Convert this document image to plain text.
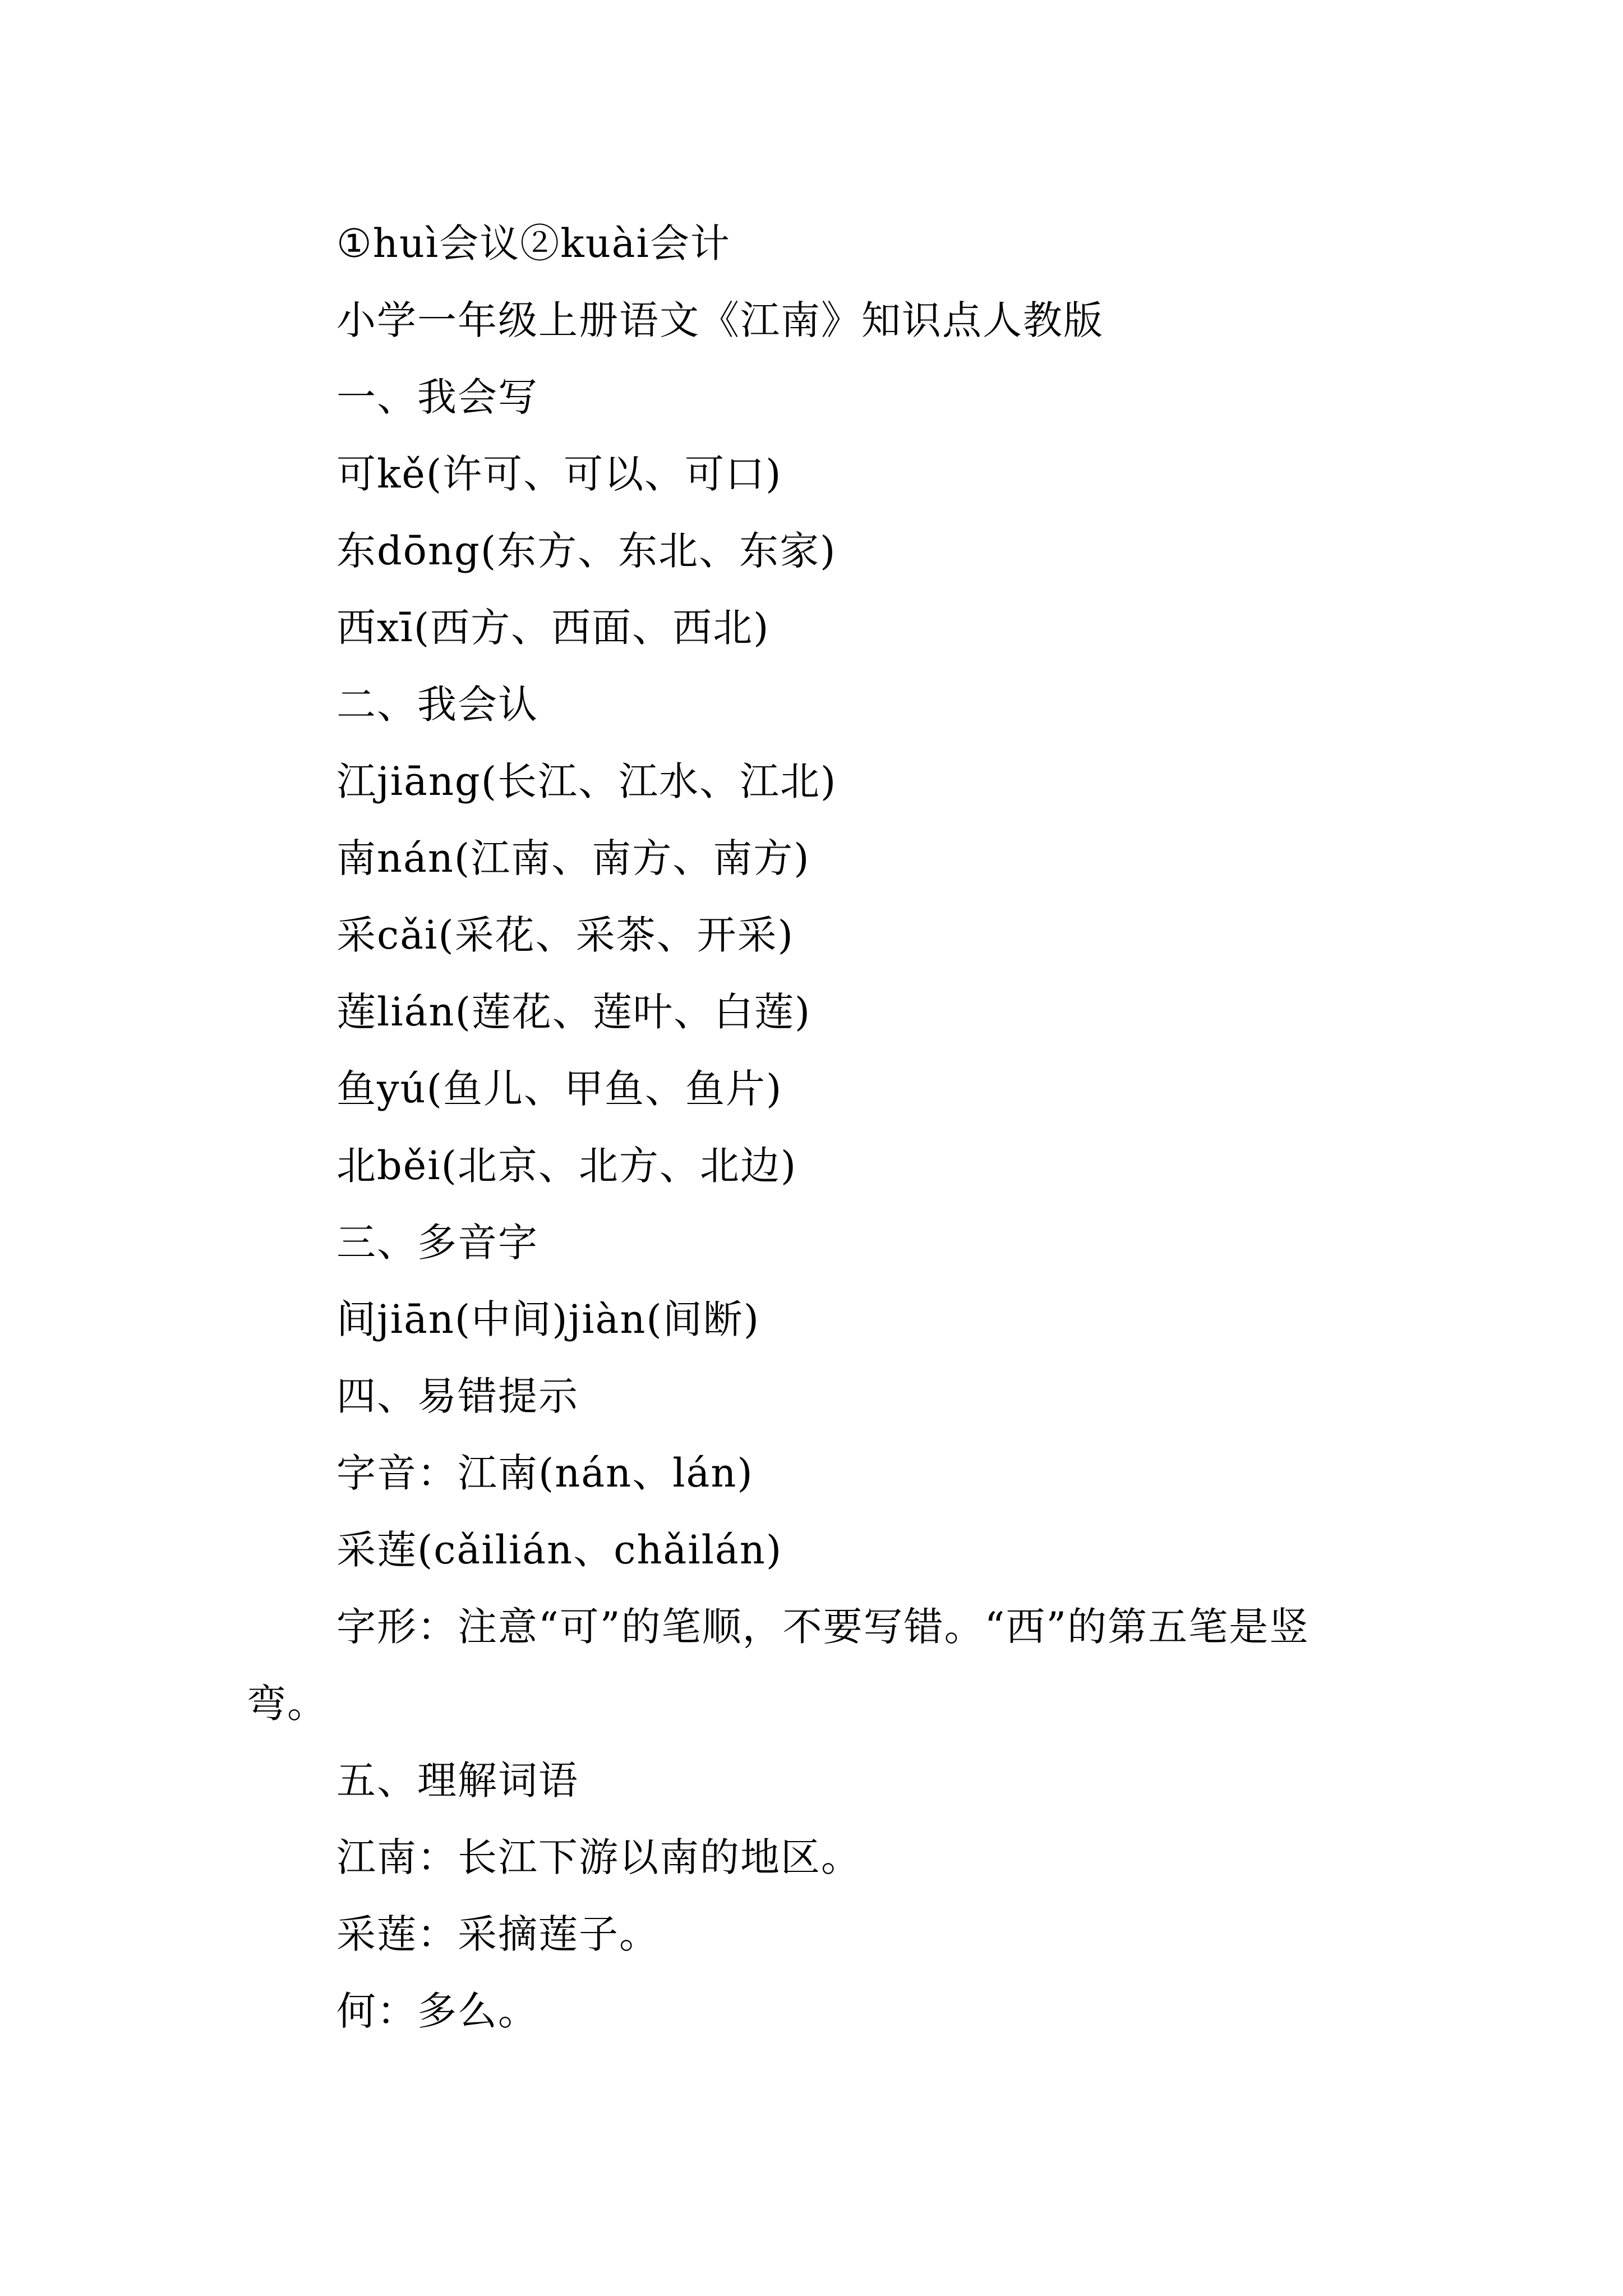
①huì会议②kuài会计
小学一年级上册语文《江南》知识点人教版
一、我会写
可kě(许可、可以、可口)
东dōng(东方、东北、东家)
西xī(西方、西面、西北)
二、我会认
江jiāng(长江、江水、江北)
南nán(江南、南方、南方)
采cǎi(采花、采茶、开采)
莲lián(莲花、莲叶、白莲)
鱼yú(鱼儿、甲鱼、鱼片)
北běi(北京、北方、北边)
三、多音字
间jiān(中间)jiàn(间断)
四、易错提示
字音：江南(nán、lán)
采莲(cǎilián、chǎilán)
字形：注意“可”的笔顺，不要写错。“西”的第五笔是竖弯。
五、理解词语
江南：长江下游以南的地区。
采莲：采摘莲子。
何：多么。
